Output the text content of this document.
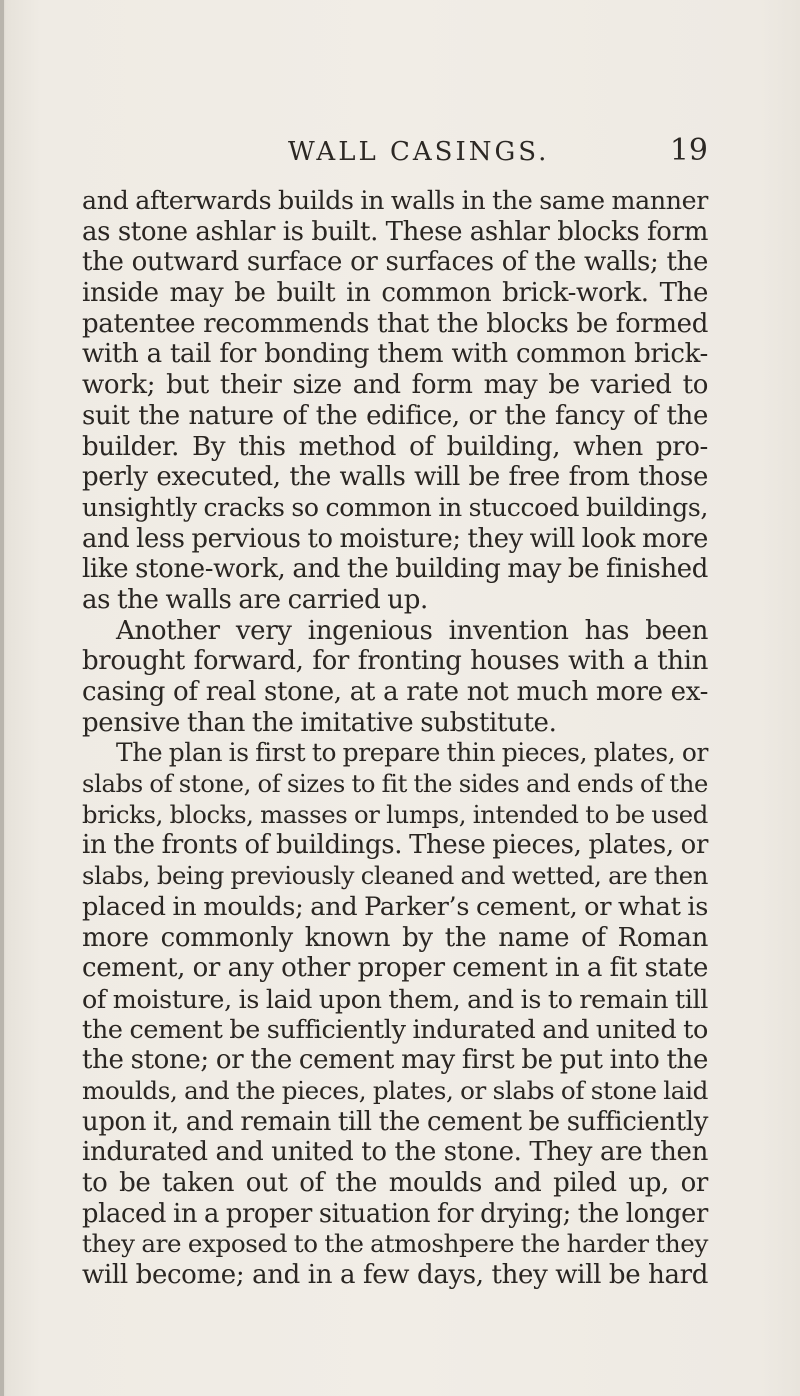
WALL CASINGS.	19
and afterwards builds in walls in the same manner
as stone ashlar is built. These ashlar blocks form
the outward surface or surfaces of the walls; the
inside may be built in common brick-work. The
patentee recommends that the blocks be formed
with a tail for bonding them with common brick-
work; but their size and form may be varied to
suit the nature of the edifice, or the fancy of the
builder. By this method of building, when pro-
perly executed, the walls will be free from those
unsightly cracks so common in stuccoed buildings,
and less pervious to moisture; they will look more
like stone-work, and the building may be finished
as the walls are carried up.
Another very ingenious invention has been
brought forward, for fronting houses with a thin
casing of real stone, at a rate not much more ex-
pensive than the imitative substitute.
The plan is first to prepare thin pieces, plates, or
slabs of stone, of sizes to fit the sides and ends of the
bricks, blocks, masses or lumps, intended to be used
in the fronts of buildings. These pieces, plates, or
slabs, being previously cleaned and wetted, are then
placed in moulds; and Parker’s cement, or what is
more commonly known by the name of Roman
cement, or any other proper cement in a fit state
of moisture, is laid upon them, and is to remain till
the cement be sufficiently indurated and united to
the stone; or the cement may first be put into the
moulds, and the pieces, plates, or slabs of stone laid
upon it, and remain till the cement be sufficiently
indurated and united to the stone. They are then
to be taken out of the moulds and piled up, or
placed in a proper situation for drying; the longer
they are exposed to the atmoshpere the harder they
will become; and in a few days, they will be hard
